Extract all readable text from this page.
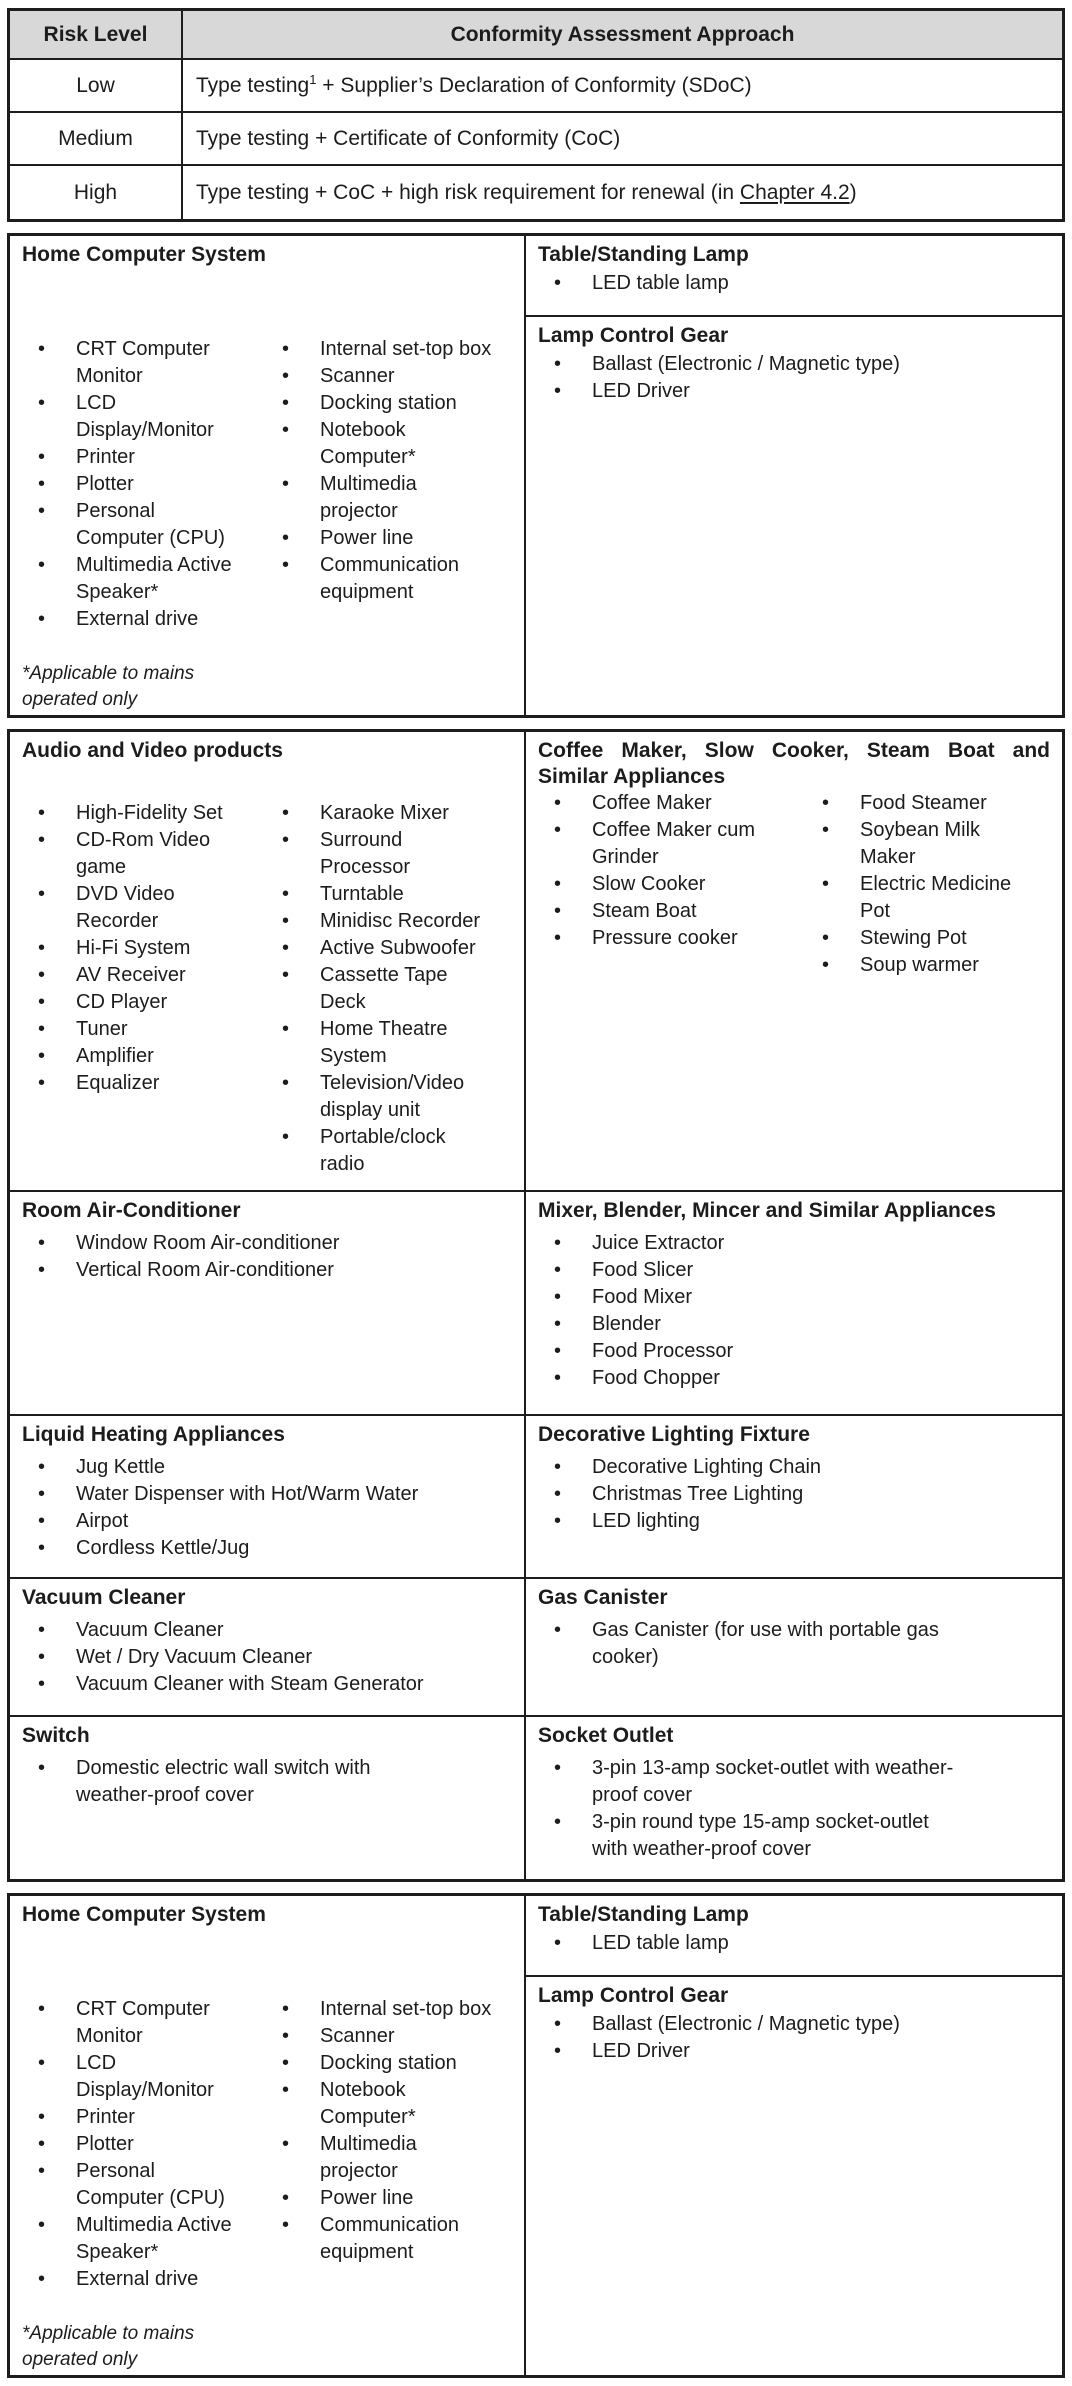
Risk Level	Conformity Assessment Approach
Low	Type testing$^1$ + Supplier’s Declaration of Conformity (SDoC)
Medium	Type testing + Certificate of Conformity (CoC)
High	Type testing + CoC + high risk requirement for renewal (in Chapter 4.2)
Home Computer System
•	CRT Computer Monitor
•	LCD Display/Monitor
•	Printer
•	Plotter
•	Personal Computer (CPU)
•	Multimedia Active Speaker*
•	External drive
•	Internal set-top box
•	Scanner
•	Docking station
•	Notebook Computer*
•	Multimedia projector
•	Power line
•	Communication equipment
*Applicable to mains operated only
Table/Standing Lamp
•	LED table lamp
Lamp Control Gear
•	Ballast (Electronic / Magnetic type)
•	LED Driver
Audio and Video products
•	High-Fidelity Set
•	CD-Rom Video game
•	DVD Video Recorder
•	Hi-Fi System
•	AV Receiver
•	CD Player
•	Tuner
•	Amplifier
•	Equalizer
•	Karaoke Mixer
•	Surround Processor
•	Turntable
•	Minidisc Recorder
•	Active Subwoofer
•	Cassette Tape Deck
•	Home Theatre System
•	Television/Video display unit
•	Portable/clock radio
Coffee Maker, Slow Cooker, Steam Boat and Similar Appliances
•	Coffee Maker
•	Coffee Maker cum Grinder
•	Slow Cooker
•	Steam Boat
•	Pressure cooker
•	Food Steamer
•	Soybean Milk Maker
•	Electric Medicine Pot
•	Stewing Pot
•	Soup warmer
Room Air-Conditioner
•	Window Room Air-conditioner
•	Vertical Room Air-conditioner
Mixer, Blender, Mincer and Similar Appliances
•	Juice Extractor
•	Food Slicer
•	Food Mixer
•	Blender
•	Food Processor
•	Food Chopper
Liquid Heating Appliances
•	Jug Kettle
•	Water Dispenser with Hot/Warm Water
•	Airpot
•	Cordless Kettle/Jug
Decorative Lighting Fixture
•	Decorative Lighting Chain
•	Christmas Tree Lighting
•	LED lighting
Vacuum Cleaner
•	Vacuum Cleaner
•	Wet / Dry Vacuum Cleaner
•	Vacuum Cleaner with Steam Generator
Gas Canister
•	Gas Canister (for use with portable gas cooker)
Switch
•	Domestic electric wall switch with weather-proof cover
Socket Outlet
•	3-pin 13-amp socket-outlet with weather-proof cover
•	3-pin round type 15-amp socket-outlet with weather-proof cover
Home Computer System
•	CRT Computer Monitor
•	LCD Display/Monitor
•	Printer
•	Plotter
•	Personal Computer (CPU)
•	Multimedia Active Speaker*
•	External drive
•	Internal set-top box
•	Scanner
•	Docking station
•	Notebook Computer*
•	Multimedia projector
•	Power line
•	Communication equipment
*Applicable to mains operated only
Table/Standing Lamp
•	LED table lamp
Lamp Control Gear
•	Ballast (Electronic / Magnetic type)
•	LED Driver
